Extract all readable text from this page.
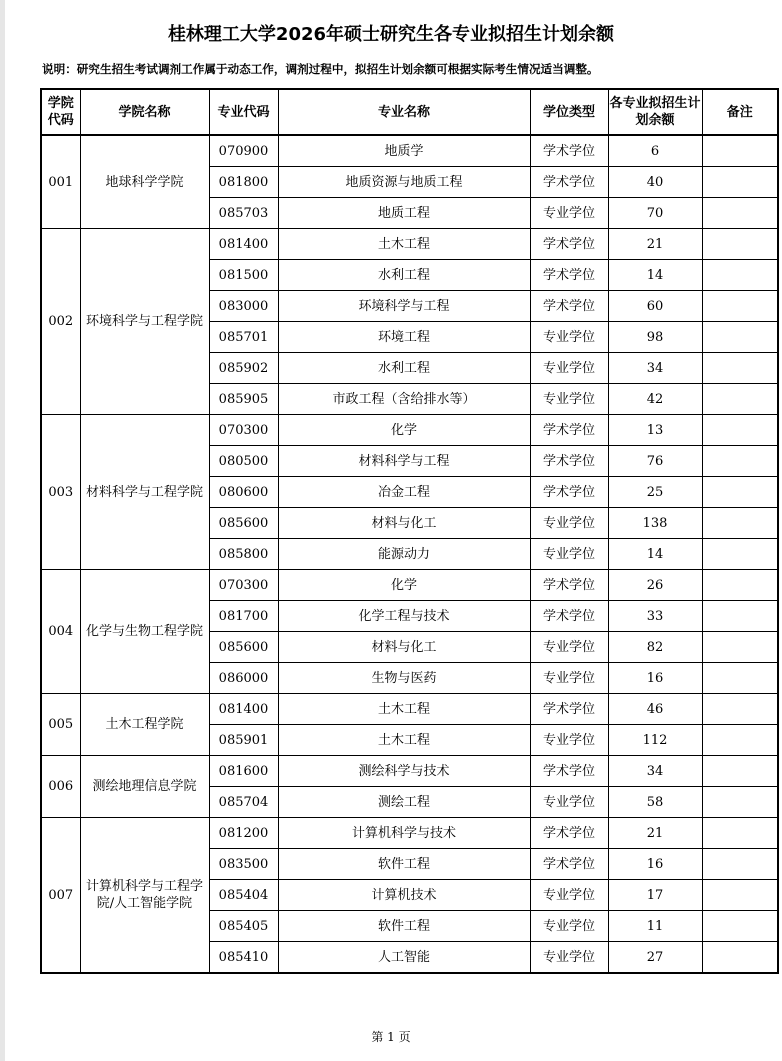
桂林理工大学2026年硕士研究生各专业拟招生计划余额
说明：研究生招生考试调剂工作属于动态工作，调剂过程中，拟招生计划余额可根据实际考生情况适当调整。
学院代码	学院名称	专业代码	专业名称	学位类型	各专业拟招生计划余额	备注
001	地球科学学院	070900	地质学	学术学位	6	
		081800	地质资源与地质工程	学术学位	40	
		085703	地质工程	专业学位	70	
002	环境科学与工程学院	081400	土木工程	学术学位	21	
		081500	水利工程	学术学位	14	
		083000	环境科学与工程	学术学位	60	
		085701	环境工程	专业学位	98	
		085902	水利工程	专业学位	34	
		085905	市政工程（含给排水等）	专业学位	42	
003	材料科学与工程学院	070300	化学	学术学位	13	
		080500	材料科学与工程	学术学位	76	
		080600	冶金工程	学术学位	25	
		085600	材料与化工	专业学位	138	
		085800	能源动力	专业学位	14	
004	化学与生物工程学院	070300	化学	学术学位	26	
		081700	化学工程与技术	学术学位	33	
		085600	材料与化工	专业学位	82	
		086000	生物与医药	专业学位	16	
005	土木工程学院	081400	土木工程	学术学位	46	
		085901	土木工程	专业学位	112	
006	测绘地理信息学院	081600	测绘科学与技术	学术学位	34	
		085704	测绘工程	专业学位	58	
007	计算机科学与工程学院/人工智能学院	081200	计算机科学与技术	学术学位	21	
		083500	软件工程	学术学位	16	
		085404	计算机技术	专业学位	17	
		085405	软件工程	专业学位	11	
		085410	人工智能	专业学位	27	
第 1 页
